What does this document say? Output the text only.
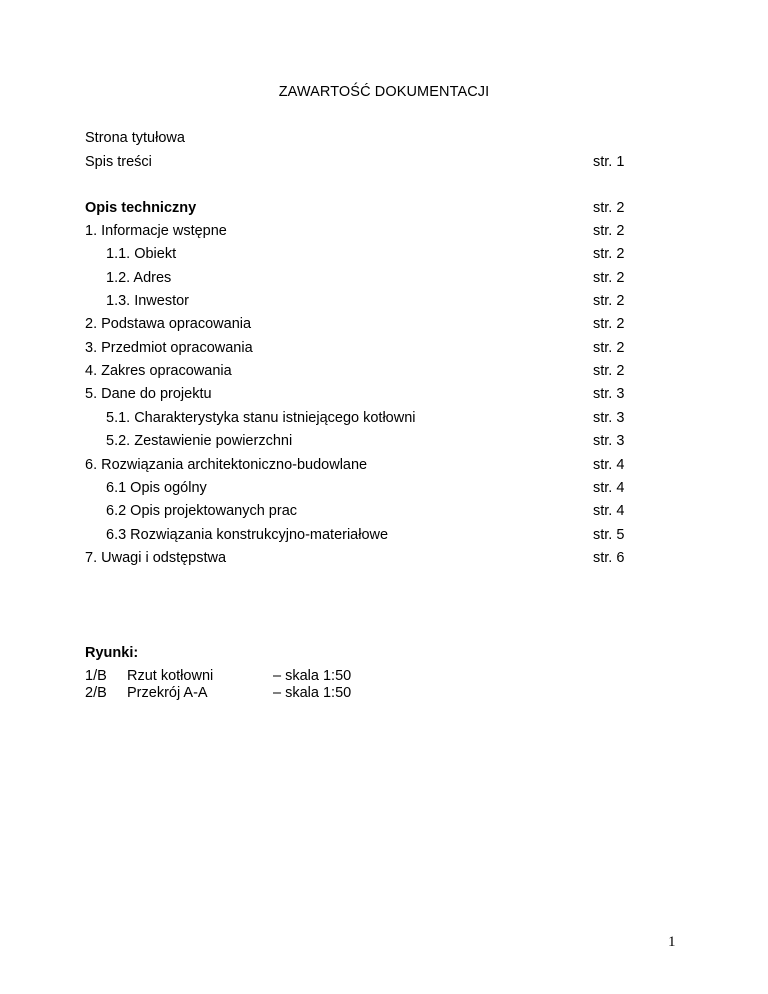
ZAWARTOŚĆ DOKUMENTACJI
Strona tytułowa
Spis treści	str. 1
Opis techniczny	str. 2
1. Informacje wstępne	str. 2
1.1. Obiekt	str. 2
1.2. Adres	str. 2
1.3. Inwestor	str. 2
2. Podstawa opracowania	str. 2
3. Przedmiot opracowania	str. 2
4. Zakres opracowania	str. 2
5. Dane do projektu	str. 3
5.1. Charakterystyka stanu istniejącego kotłowni	str. 3
5.2. Zestawienie powierzchni	str. 3
6. Rozwiązania architektoniczno-budowlane	str. 4
6.1 Opis ogólny	str. 4
6.2 Opis projektowanych prac	str. 4
6.3 Rozwiązania konstrukcyjno-materiałowe	str. 5
7. Uwagi i odstępstwa	str. 6
Ryunki:
1/B Rzut kotłowni	– skala 1:50
2/B Przekrój A-A	– skala 1:50
1
